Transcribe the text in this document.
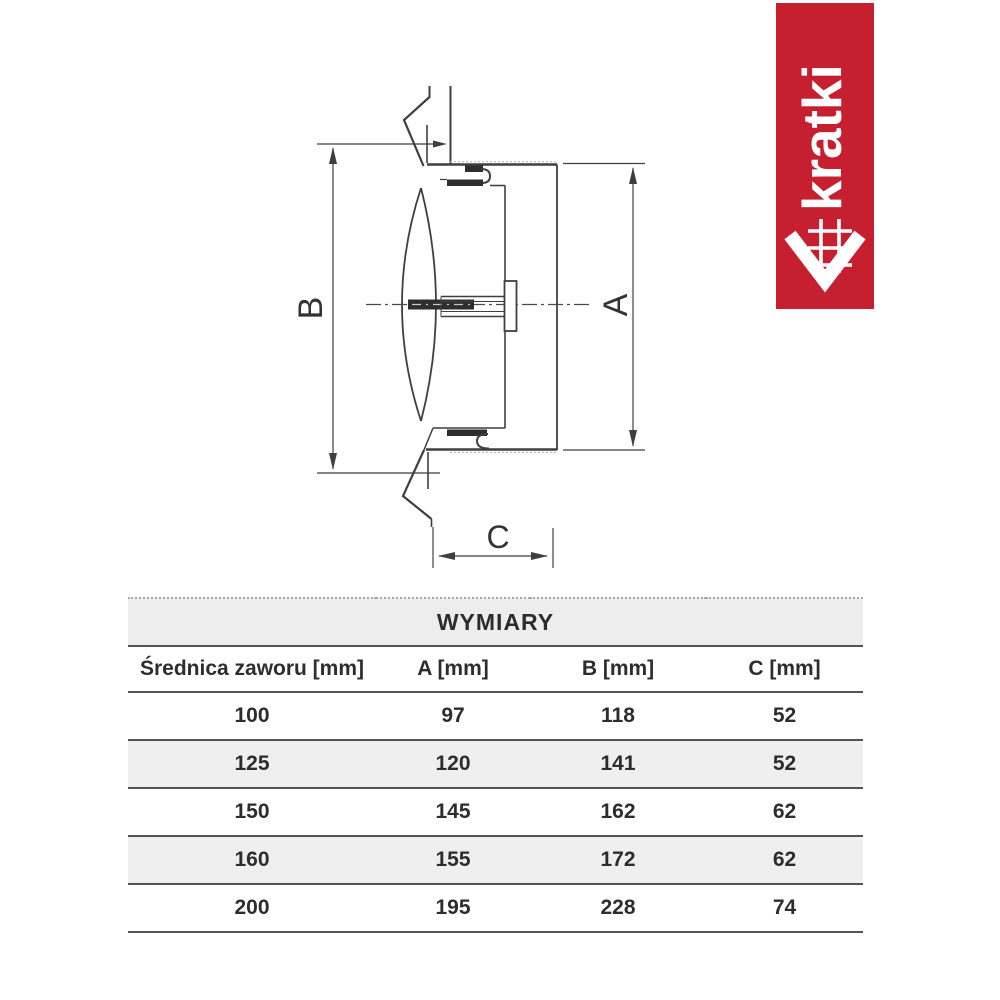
B	A
C
kratki
WYMIARY			
Średnica zaworu [mm]	A [mm]	B [mm]	C [mm]
100	97	118	52
125	120	141	52
150	145	162	62
160	155	172	62
200	195	228	74
